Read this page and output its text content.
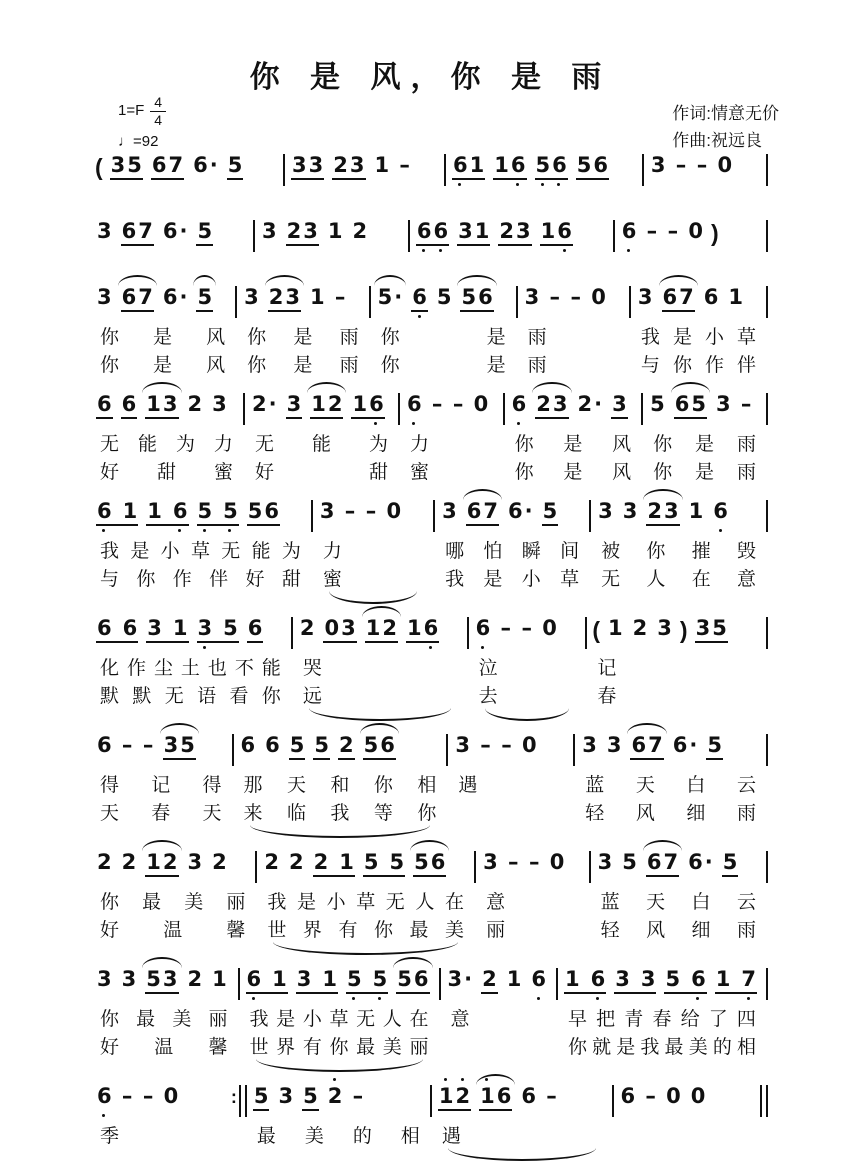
你 是 风，你 是 雨
$1=F \frac{4}{4}$
♩=92
作词:情意无价
作曲:祝远良
( 3 5 6 7 6 · 5 3 3 2 3 1 – 6 1 1 6 5 6 5 6 3 – – 0
3 6 7 6 · 5 3 2 3 1 2 6 6 3 1 2 3 1 6 6 – – 0 )
3 6 7 6 · 5
你 是 风
你 是 风
3 2 3 1 –
你 是 雨
你 是 雨
5 · 6 5 5 6
你	是
你	是
3 – – 0
雨
雨
3 6 7 6 1
我 是 小 草
与 你 作 伴
6 6 1 3 2 3
无 能 为 力
好 甜 蜜
2 · 3 1 2 1 6
无 能 为
好	甜
6 – – 0
力
蜜
6 2 3 2 · 3
你 是 风
你 是 风
5 6 5 3 –
你 是 雨
你 是 雨
6 1 1 6 5 5 5 6
我 是 小 草 无 能 为
与 你 作 伴 好 甜
3 – – 0
力
蜜
3 6 7 6 · 5
哪 怕 瞬 间
我 是 小 草
3 3 2 3 1 6
被 你 摧 毁
无 人 在 意
6 6 3 1 3 5 6
化 作 尘 土 也 不 能
默 默 无 语 看 你
2 0 3 1 2 1 6
哭
远
6 – – 0
泣
去
( 1 2 3 ) 3 5
记
春
6 – – 3 5
得 记 得
天 春 天
6 6 5 5 2 5 6
那 天 和 你 相
来 临 我 等 你
3 – – 0
遇
3 3 6 7 6 · 5
蓝 天 白 云
轻 风 细 雨
2 2 1 2 3 2
你 最 美 丽
好 温 馨
2 2 2 1 5 5 5 6
我 是 小 草 无 人 在
世 界 有 你 最 美
3 – – 0
意
丽
3 5 6 7 6 · 5
蓝 天 白 云
轻 风 细 雨
3 3 5 3 2 1
你 最 美 丽
好 温 馨
6 1 3 1 5 5 5 6
我 是 小 草 无 人 在
世 界 有 你 最 美 丽
3 · 2 1 6
意
1 6 3 3 5 6 1 7
早 把 青 春 给 了 四
你 就 是 我 最 美 的 相
6 – – 0
季
: 5 3 5 2 –
最 美 的 相
1 2 1 6 6 –
遇
6 – 0 0
